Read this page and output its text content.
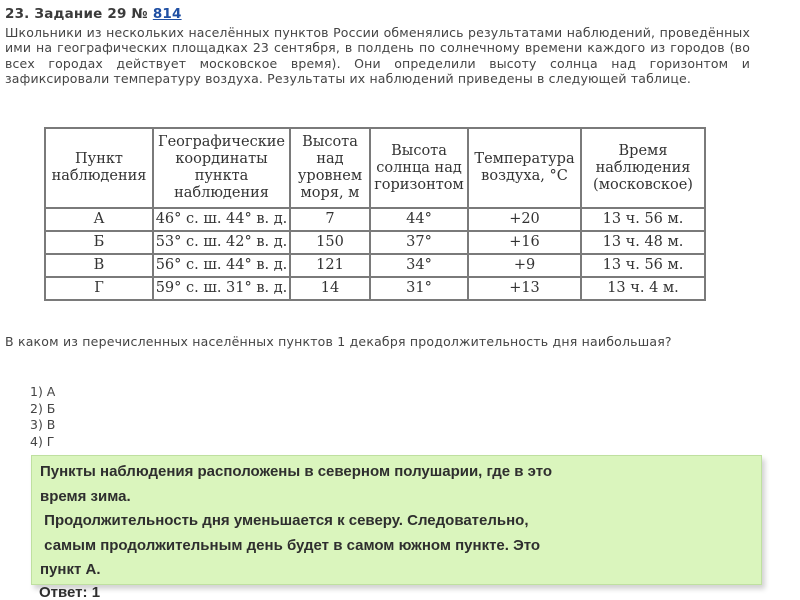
23. Задание 29 № 814

Школьники из нескольких населённых пунктов России обменялись результатами наблюдений, проведённых ими на географических площадках 23 сентября, в полдень по солнечному времени каждого из городов (во всех городах действует московское время). Они определили высоту солнца над горизонтом и зафиксировали температуру воздуха. Результаты их наблюдений приведены в следующей таблице.

Пункт наблюдения	Географические координаты пункта наблюдения	Высота над уровнем моря, м	Высота солнца над горизонтом	Температура воздуха, °С	Время наблюдения (московское)
А	46° с. ш. 44° в. д.	7	44°	+20	13 ч. 56 м.
Б	53° с. ш. 42° в. д.	150	37°	+16	13 ч. 48 м.
В	56° с. ш. 44° в. д.	121	34°	+9	13 ч. 56 м.
Г	59° с. ш. 31° в. д.	14	31°	+13	13 ч. 4 м.

В каком из перечисленных населённых пунктов 1 декабря продолжительность дня наибольшая?

1) А
2) Б
3) В
4) Г
Пункты наблюдения расположены в северном полушарии, где в это
время зима.
Продолжительность дня уменьшается к северу. Следовательно,
самым продолжительным день будет в самом южном пункте. Это
пункт А.
Ответ: 1
